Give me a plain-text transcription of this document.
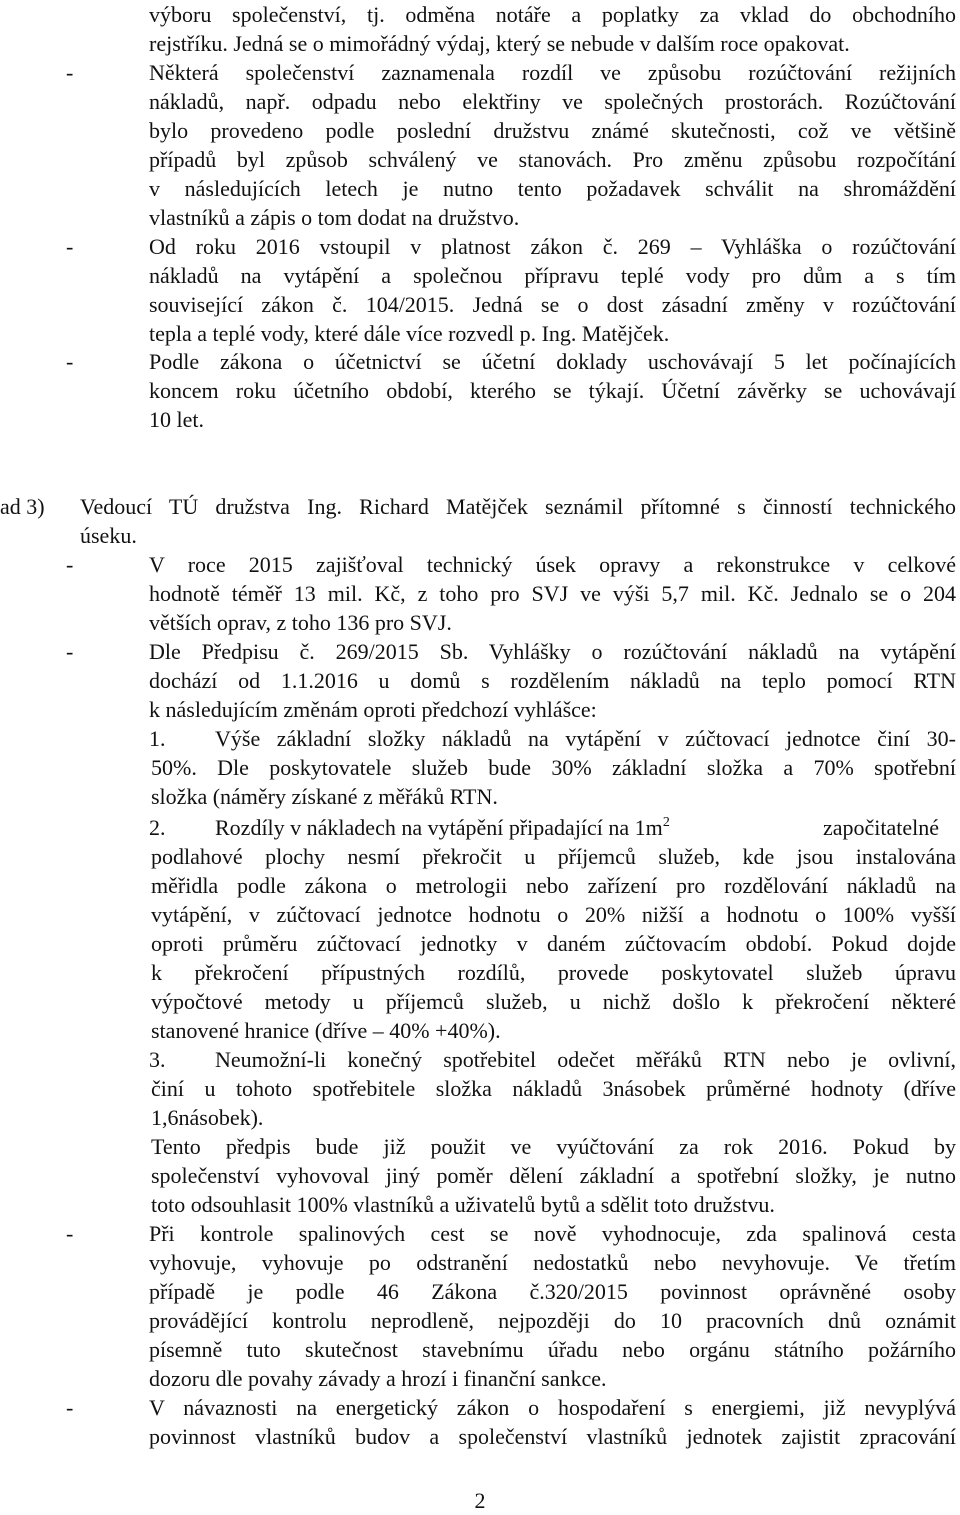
výboru společenství, tj. odměna notáře a poplatky za vklad do obchodního
rejstříku. Jedná se o mimořádný výdaj, který se nebude v dalším roce opakovat.
-	Některá společenství zaznamenala rozdíl ve způsobu rozúčtování režijních
nákladů, např. odpadu nebo elektřiny ve společných prostorách. Rozúčtování
bylo provedeno podle poslední družstvu známé skutečnosti, což ve většině
případů byl způsob schválený ve stanovách. Pro změnu způsobu rozpočítání
v následujících letech je nutno tento požadavek schválit na shromáždění
vlastníků a zápis o tom dodat na družstvo.
-	Od roku 2016 vstoupil v platnost zákon č. 269 – Vyhláška o rozúčtování
nákladů na vytápění a společnou přípravu teplé vody pro dům a s tím
související zákon č. 104/2015. Jedná se o dost zásadní změny v rozúčtování
tepla a teplé vody, které dále více rozvedl p. Ing. Matějček.
-	Podle zákona o účetnictví se účetní doklady uschovávají 5 let počínajících
koncem roku účetního období, kterého se týkají. Účetní závěrky se uchovávají
10 let.
ad 3) Vedoucí TÚ družstva Ing. Richard Matějček seznámil přítomné s činností technického
úseku.
-	V roce 2015 zajišťoval technický úsek opravy a rekonstrukce v celkové
hodnotě téměř 13 mil. Kč, z toho pro SVJ ve výši 5,7 mil. Kč. Jednalo se o 204
větších oprav, z toho 136 pro SVJ.
-	Dle Předpisu č. 269/2015 Sb. Vyhlášky o rozúčtování nákladů na vytápění
dochází od 1.1.2016 u domů s rozdělením nákladů na teplo pomocí RTN
k následujícím změnám oproti předchozí vyhlášce:
1. Výše základní složky nákladů na vytápění v zúčtovací jednotce činí 30-
50%. Dle poskytovatele služeb bude 30% základní složka a 70% spotřební
složka (náměry získané z měřáků RTN.
2. Rozdíly v nákladech na vytápění připadající na $1m^2$	započitatelné
podlahové plochy nesmí překročit u příjemců služeb, kde jsou instalována
měřidla podle zákona o metrologii nebo zařízení pro rozdělování nákladů na
vytápění, v zúčtovací jednotce hodnotu o 20% nižší a hodnotu o 100% vyšší
oproti průměru zúčtovací jednotky v daném zúčtovacím období. Pokud dojde
k překročení přípustných rozdílů, provede poskytovatel služeb úpravu
výpočtové metody u příjemců služeb, u nichž došlo k překročení některé
stanovené hranice (dříve – 40% +40%).
3. Neumožní-li konečný spotřebitel odečet měřáků RTN nebo je ovlivní,
činí u tohoto spotřebitele složka nákladů 3násobek průměrné hodnoty (dříve
1,6násobek).
Tento předpis bude již použit ve vyúčtování za rok 2016. Pokud by
společenství vyhovoval jiný poměr dělení základní a spotřební složky, je nutno
toto odsouhlasit 100% vlastníků a uživatelů bytů a sdělit toto družstvu.
-	Při kontrole spalinových cest se nově vyhodnocuje, zda spalinová cesta
vyhovuje, vyhovuje po odstranění nedostatků nebo nevyhovuje. Ve třetím
případě je podle 46 Zákona č.320/2015 povinnost oprávněné osoby
provádějící kontrolu neprodleně, nejpozději do 10 pracovních dnů oznámit
písemně tuto skutečnost stavebnímu úřadu nebo orgánu státního požárního
dozoru dle povahy závady a hrozí i finanční sankce.
-	V návaznosti na energetický zákon o hospodaření s energiemi, již nevyplývá
povinnost vlastníků budov a společenství vlastníků jednotek zajistit zpracování
2
